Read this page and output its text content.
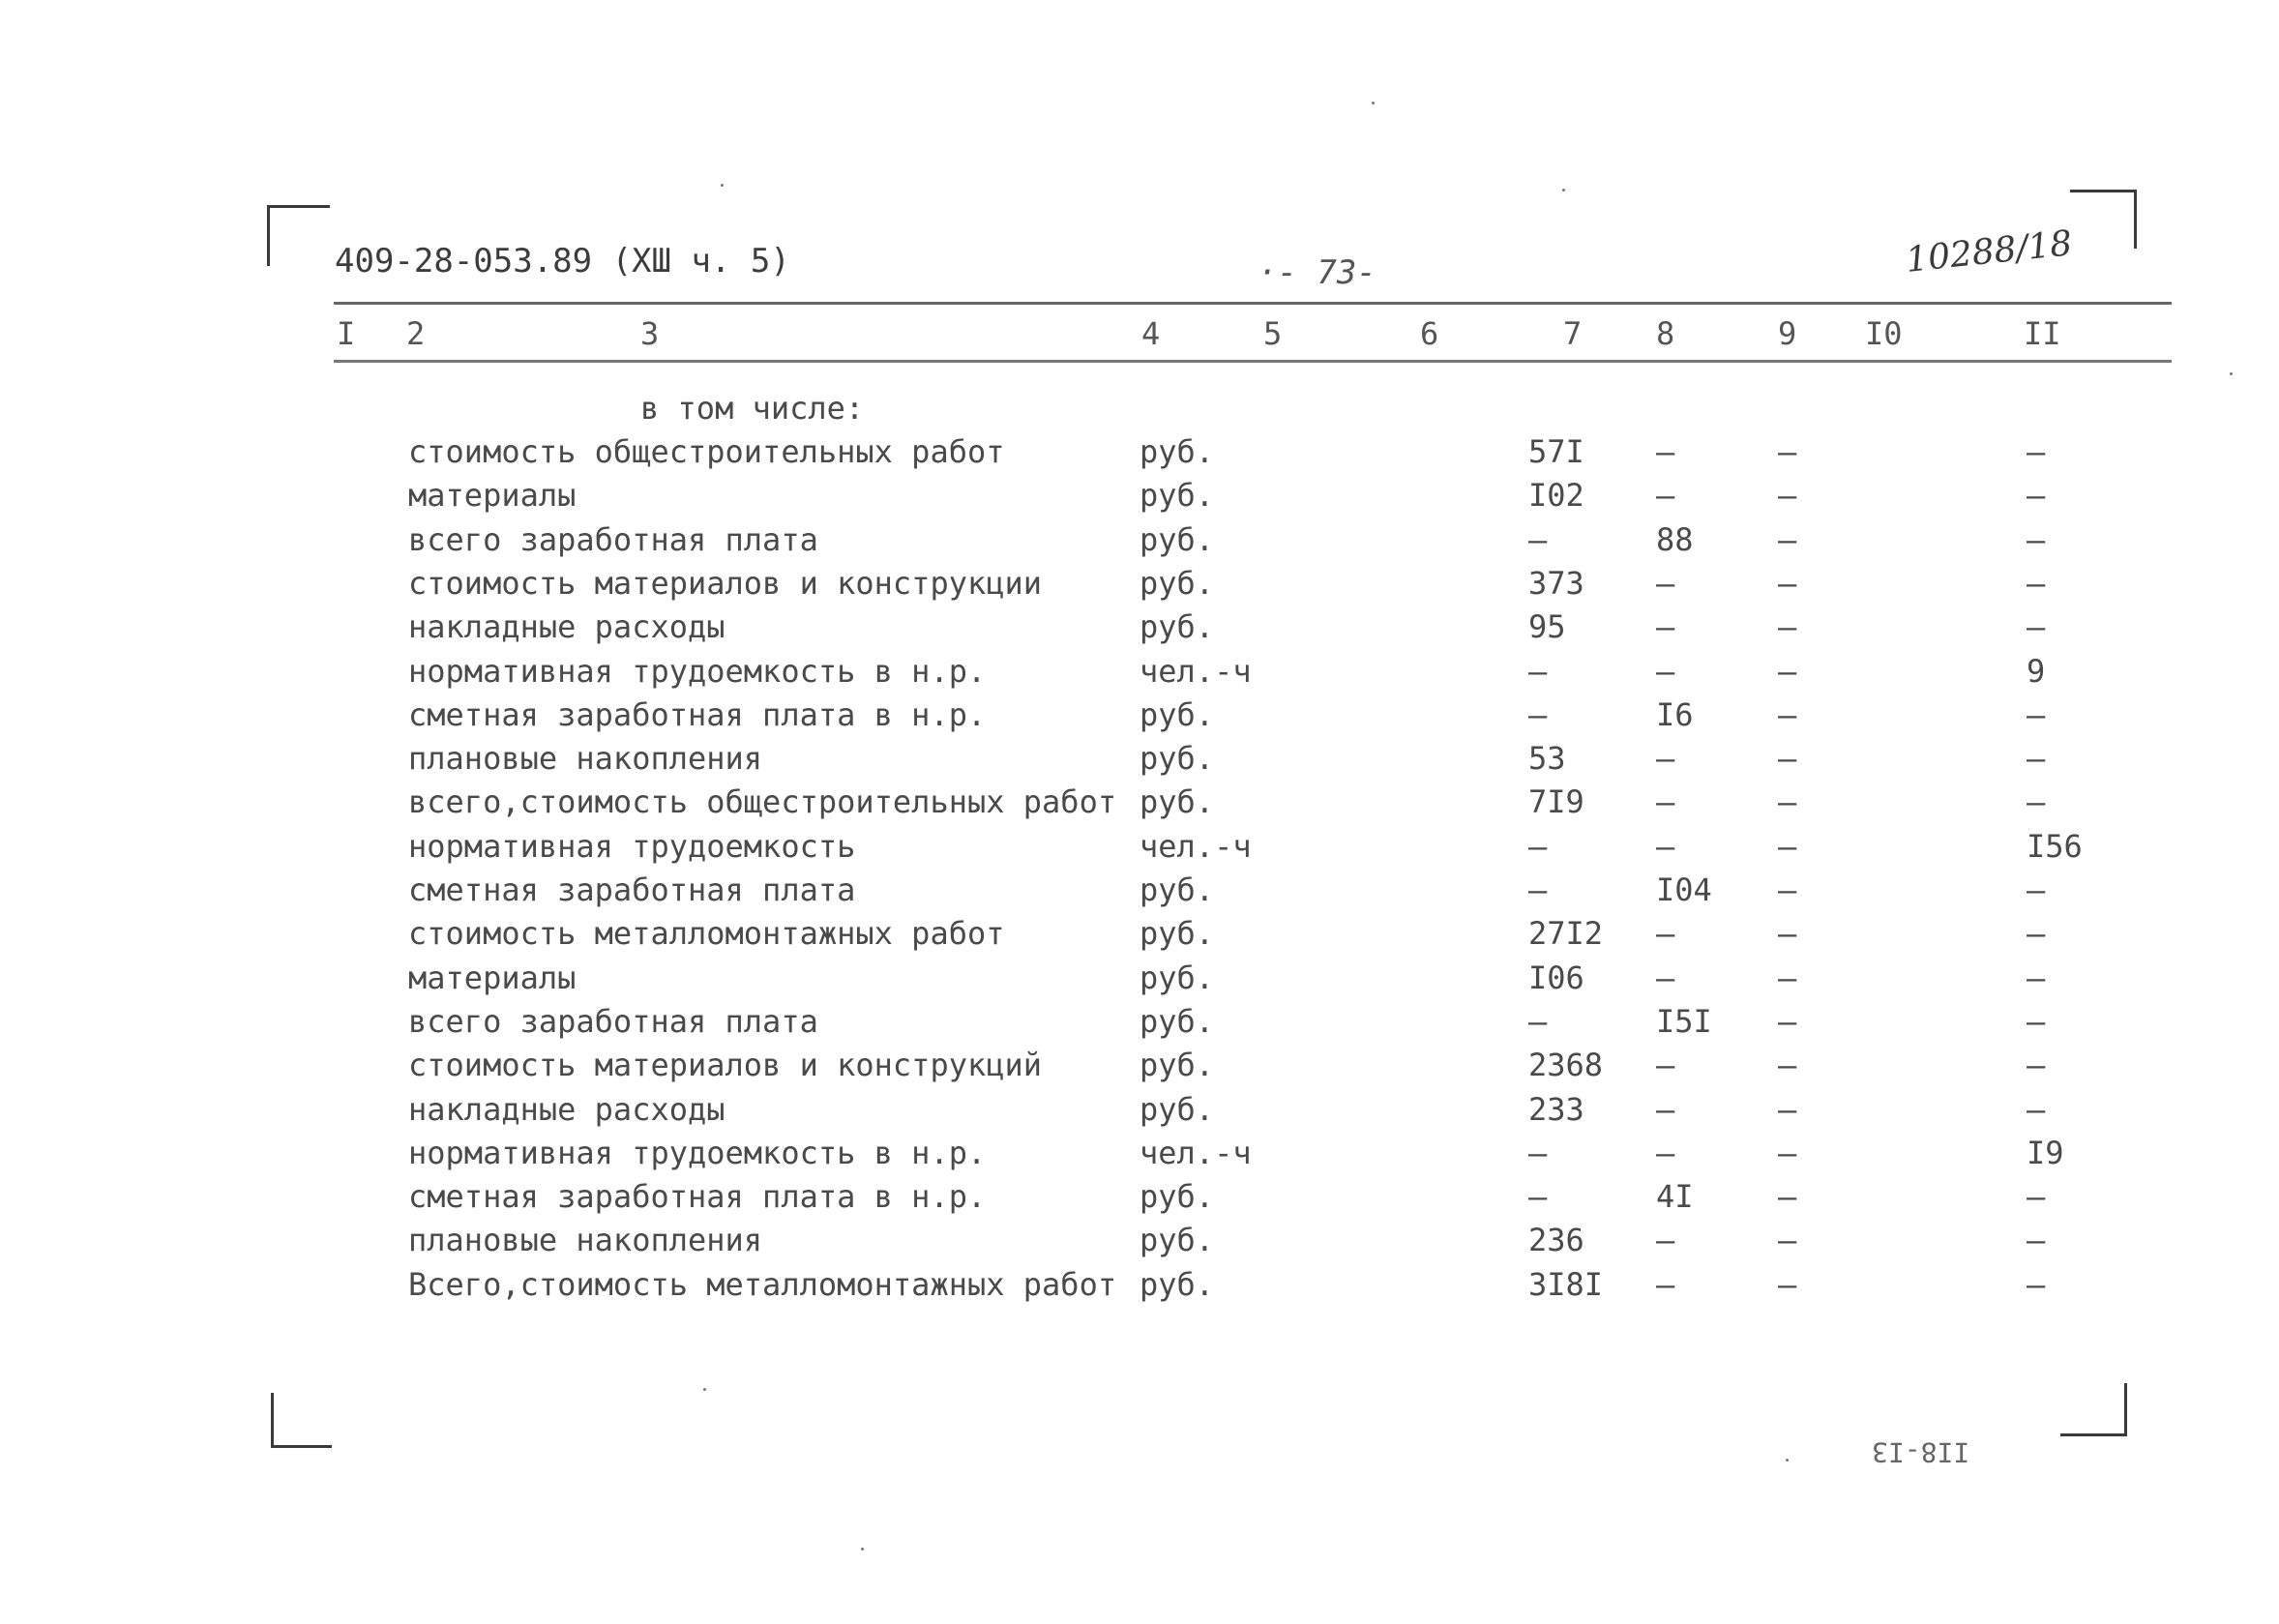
409-28-053.89 (ХШ ч. 5)	·- 73-	10288/18
I 2	3	4	5	6	7 8	9 I0	II
в том числе:
стоимость общестроительных работ	руб.	57I –	–	–
материалы	руб.	I02 –	–	–
всего заработная плата	руб.	–	88	–	–
стоимость материалов и конструкции	руб.	373 –	–	–
накладные расходы	руб.	95	–	–	–
нормативная трудоемкость в н.р.	чел.-ч	–	–	–	9
сметная заработная плата в н.р.	руб.	–	I6	–	–
плановые накопления	руб.	53	–	–	–
всего,стоимость общестроительных работ руб.	7I9 –	–	–
нормативная трудоемкость	чел.-ч	–	–	–	I56
сметная заработная плата	руб.	–	I04 –	–
стоимость металломонтажных работ	руб.	27I2 –	–	–
материалы	руб.	I06 –	–	–
всего заработная плата	руб.	–	I5I –	–
стоимость материалов и конструкций	руб.	2368 –	–	–
накладные расходы	руб.	233 –	–	–
нормативная трудоемкость в н.р.	чел.-ч	–	–	–	I9
сметная заработная плата в н.р.	руб.	–	4I	–	–
плановые накопления	руб.	236 –	–	–
Всего,стоимость металломонтажных работ руб.	3I8I –	–	–
II8-I3
